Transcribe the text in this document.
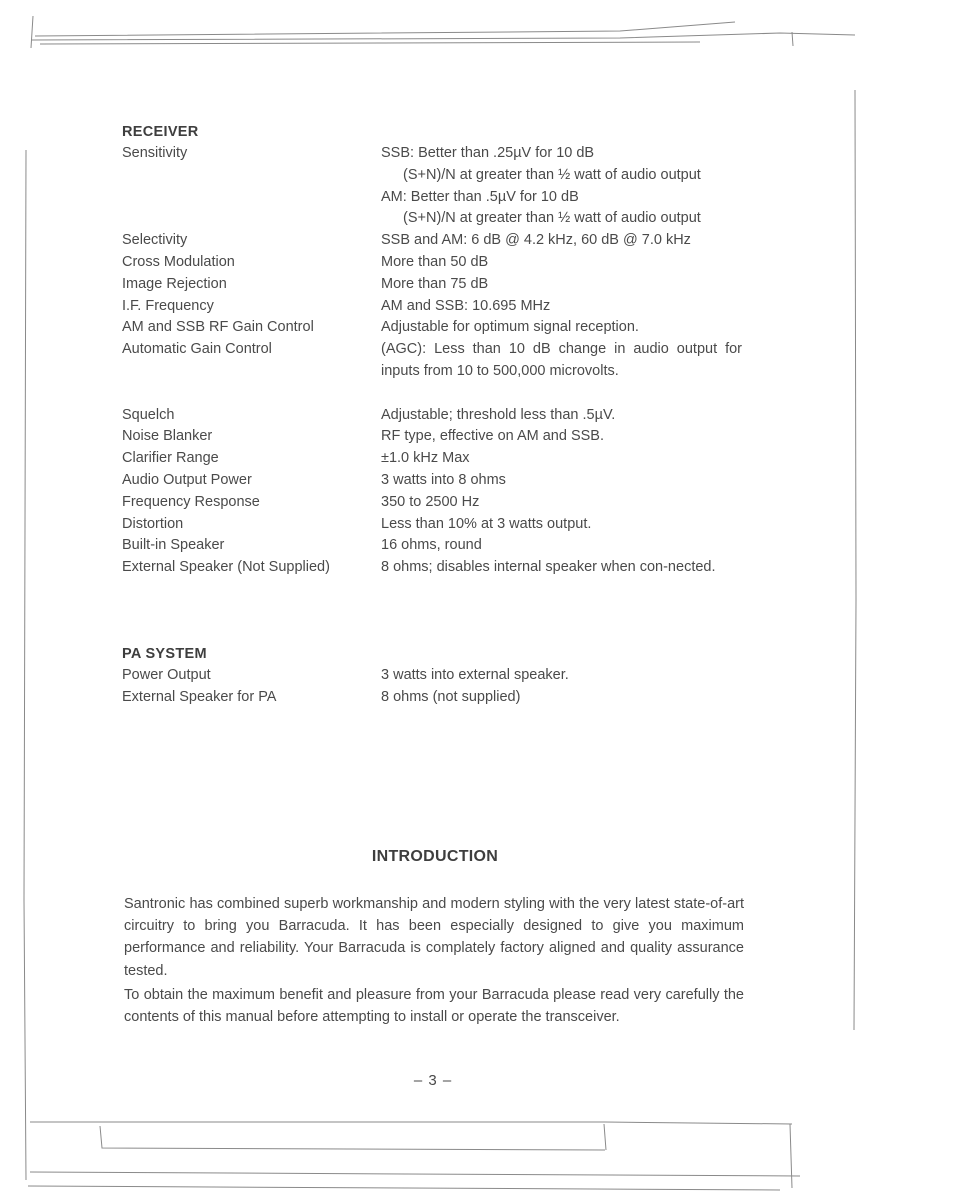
RECEIVER
Sensitivity	SSB: Better than .25µV for 10 dB
(S+N)/N at greater than ½ watt of audio output
AM: Better than .5µV for 10 dB
(S+N)/N at greater than ½ watt of audio output
Selectivity	SSB and AM: 6 dB @ 4.2 kHz, 60 dB @ 7.0 kHz
Cross Modulation	More than 50 dB
Image Rejection	More than 75 dB
I.F. Frequency	AM and SSB: 10.695 MHz
AM and SSB RF Gain Control	Adjustable for optimum signal reception.
Automatic Gain Control	(AGC): Less than 10 dB change in audio output for inputs from 10 to 500,000 microvolts.
Squelch	Adjustable; threshold less than .5µV.
Noise Blanker	RF type, effective on AM and SSB.
Clarifier Range	±1.0 kHz Max
Audio Output Power	3 watts into 8 ohms
Frequency Response	350 to 2500 Hz
Distortion	Less than 10% at 3 watts output.
Built-in Speaker	16 ohms, round
External Speaker (Not Supplied)	8 ohms; disables internal speaker when con-nected.
PA SYSTEM
Power Output	3 watts into external speaker.
External Speaker for PA	8 ohms (not supplied)
INTRODUCTION

Santronic has combined superb workmanship and modern styling with the very latest state-of-art circuitry to bring you Barracuda. It has been especially designed to give you maximum performance and reliability. Your Barracuda is complately factory aligned and quality assurance tested.

To obtain the maximum benefit and pleasure from your Barracuda please read very carefully the contents of this manual before attempting to install or operate the transceiver.

– 3 –
